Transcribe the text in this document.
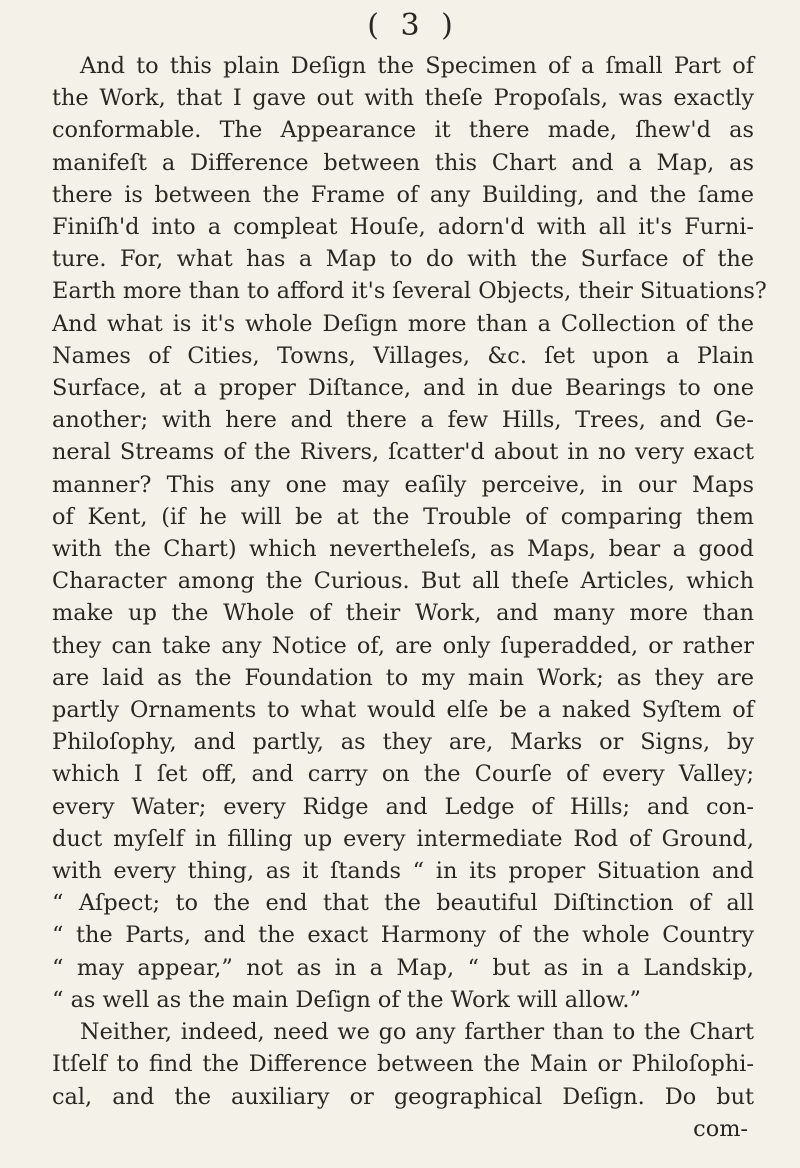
( 3 )
And to this plain Deſign the Specimen of a ſmall Part of
the Work, that I gave out with theſe Propoſals, was exactly
conformable. The Appearance it there made, ſhew'd as
manifeſt a Difference between this Chart and a Map, as
there is between the Frame of any Building, and the ſame
Finiſh'd into a compleat Houſe, adorn'd with all it's Furni-
ture. For, what has a Map to do with the Surface of the
Earth more than to afford it's ſeveral Objects, their Situations?
And what is it's whole Deſign more than a Collection of the
Names of Cities, Towns, Villages, &c. ſet upon a Plain
Surface, at a proper Diſtance, and in due Bearings to one
another; with here and there a few Hills, Trees, and Ge-
neral Streams of the Rivers, ſcatter'd about in no very exact
manner? This any one may eaſily perceive, in our Maps
of Kent, (if he will be at the Trouble of comparing them
with the Chart) which nevertheleſs, as Maps, bear a good
Character among the Curious. But all theſe Articles, which
make up the Whole of their Work, and many more than
they can take any Notice of, are only ſuperadded, or rather
are laid as the Foundation to my main Work; as they are
partly Ornaments to what would elſe be a naked Syſtem of
Philoſophy, and partly, as they are, Marks or Signs, by
which I ſet off, and carry on the Courſe of every Valley;
every Water; every Ridge and Ledge of Hills; and con-
duct myſelf in filling up every intermediate Rod of Ground,
with every thing, as it ſtands “ in its proper Situation and
“ Aſpect; to the end that the beautiful Diſtinction of all
“ the Parts, and the exact Harmony of the whole Country
“ may appear,” not as in a Map, “ but as in a Landskip,
“ as well as the main Deſign of the Work will allow.”
Neither, indeed, need we go any farther than to the Chart
Itſelf to find the Difference between the Main or Philoſophi-
cal, and the auxiliary or geographical Deſign. Do but
com-
